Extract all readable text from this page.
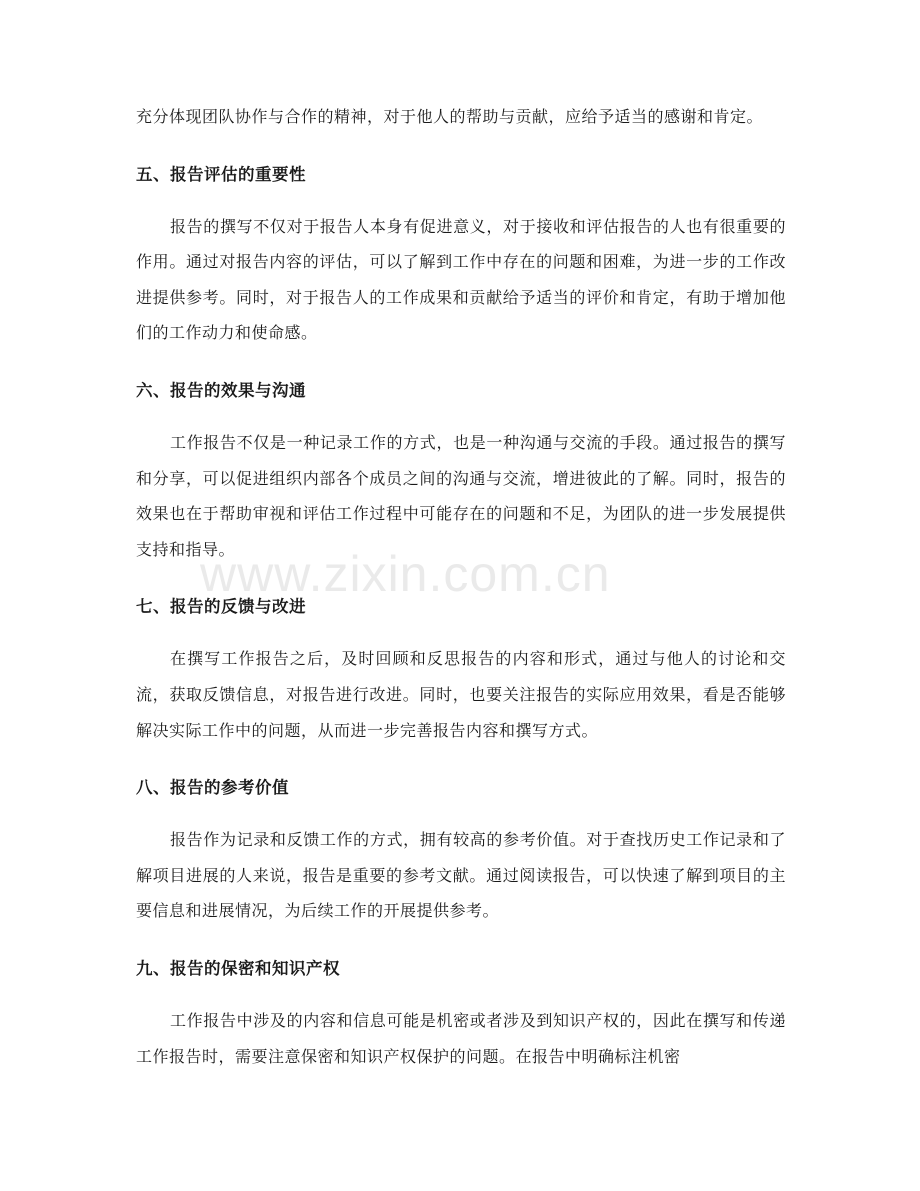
充分体现团队协作与合作的精神，对于他人的帮助与贡献，应给予适当的感谢和肯定。

五、报告评估的重要性

报告的撰写不仅对于报告人本身有促进意义，对于接收和评估报告的人也有很重要的作用。通过对报告内容的评估，可以了解到工作中存在的问题和困难，为进一步的工作改进提供参考。同时，对于报告人的工作成果和贡献给予适当的评价和肯定，有助于增加他们的工作动力和使命感。

六、报告的效果与沟通

工作报告不仅是一种记录工作的方式，也是一种沟通与交流的手段。通过报告的撰写和分享，可以促进组织内部各个成员之间的沟通与交流，增进彼此的了解。同时，报告的效果也在于帮助审视和评估工作过程中可能存在的问题和不足，为团队的进一步发展提供支持和指导。

七、报告的反馈与改进

在撰写工作报告之后，及时回顾和反思报告的内容和形式，通过与他人的讨论和交流，获取反馈信息，对报告进行改进。同时，也要关注报告的实际应用效果，看是否能够解决实际工作中的问题，从而进一步完善报告内容和撰写方式。

八、报告的参考价值

报告作为记录和反馈工作的方式，拥有较高的参考价值。对于查找历史工作记录和了解项目进展的人来说，报告是重要的参考文献。通过阅读报告，可以快速了解到项目的主要信息和进展情况，为后续工作的开展提供参考。

九、报告的保密和知识产权

工作报告中涉及的内容和信息可能是机密或者涉及到知识产权的，因此在撰写和传递工作报告时，需要注意保密和知识产权保护的问题。在报告中明确标注机密

www.zixin.com.cn
